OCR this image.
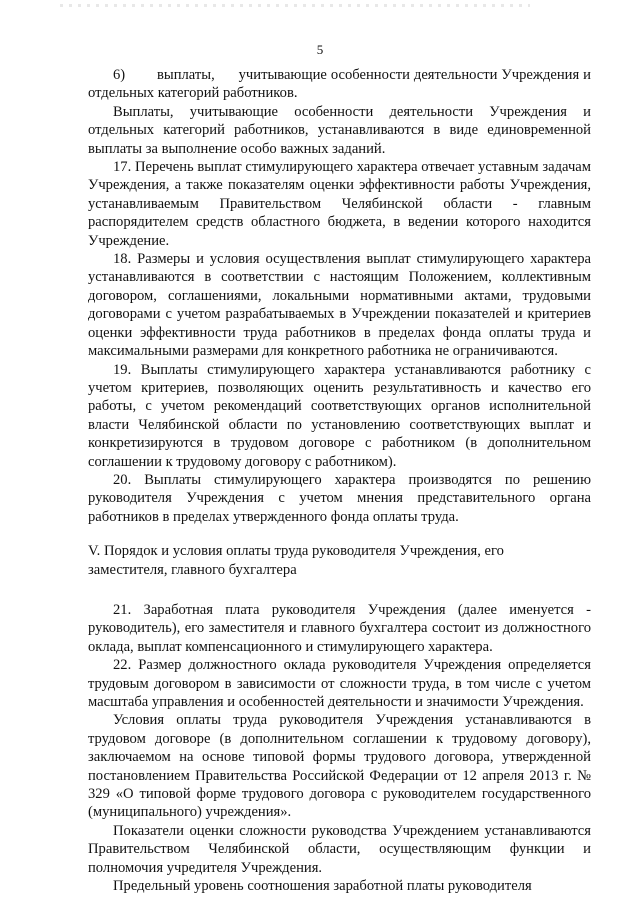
5

6)        выплаты,      учитывающие особенности деятельности Учреждения и отдельных категорий работников.

Выплаты, учитывающие особенности деятельности Учреждения и отдельных категорий работников, устанавливаются в виде единовременной выплаты за выполнение особо важных заданий.

17. Перечень выплат стимулирующего характера отвечает уставным задачам Учреждения, а также показателям оценки эффективности работы Учреждения, устанавливаемым Правительством Челябинской области - главным распорядителем средств областного бюджета, в ведении которого находится Учреждение.

18. Размеры и условия осуществления выплат стимулирующего характера устанавливаются в соответствии с настоящим Положением, коллективным договором, соглашениями, локальными нормативными актами, трудовыми договорами с учетом разрабатываемых в Учреждении показателей и критериев оценки эффективности труда работников в пределах фонда оплаты труда и максимальными размерами для конкретного работника не ограничиваются.

19. Выплаты стимулирующего характера устанавливаются работнику с учетом критериев, позволяющих оценить результативность и качество его работы, с учетом рекомендаций соответствующих органов исполнительной власти Челябинской области по установлению соответствующих выплат и конкретизируются в трудовом договоре с работником (в дополнительном соглашении к трудовому договору с работником).

20. Выплаты стимулирующего характера производятся по решению руководителя Учреждения с учетом мнения представительного органа работников в пределах утвержденного фонда оплаты труда.

V. Порядок и условия оплаты труда руководителя Учреждения, его
заместителя, главного бухгалтера

21. Заработная плата руководителя Учреждения (далее именуется - руководитель), его заместителя и главного бухгалтера состоит из должностного оклада, выплат компенсационного и стимулирующего характера.

22. Размер должностного оклада руководителя Учреждения определяется трудовым договором в зависимости от сложности труда, в том числе с учетом масштаба управления и особенностей деятельности и значимости Учреждения.

Условия оплаты труда руководителя Учреждения устанавливаются в трудовом договоре (в дополнительном соглашении к трудовому договору), заключаемом на основе типовой формы трудового договора, утвержденной постановлением Правительства Российской Федерации от 12 апреля 2013 г. № 329 «О типовой форме трудового договора с руководителем государственного (муниципального) учреждения».

Показатели оценки сложности руководства Учреждением устанавливаются Правительством Челябинской области, осуществляющим функции и полномочия учредителя Учреждения.

Предельный уровень соотношения заработной платы руководителя
